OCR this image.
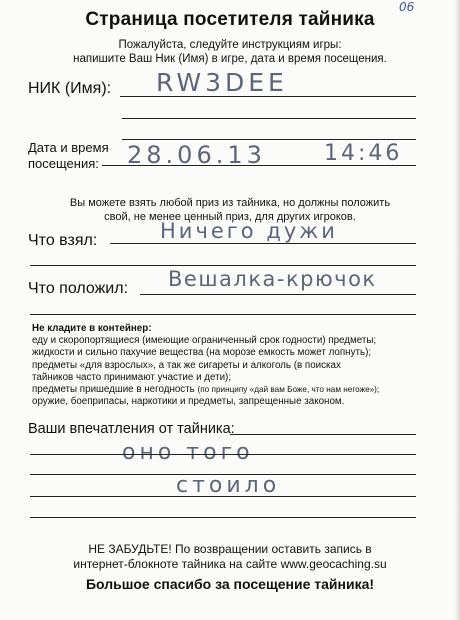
06
Страница посетителя тайника
Пожалуйста, следуйте инструкциям игры:
напишите Ваш Ник (Имя) в игре, дата и время посещения.
НИК (Имя): RW3DEE
Дата и время
посещения:	28.06.13	14:46
Вы можете взять любой приз из тайника, но должны положить
свой, не менее ценный приз, для других игроков.
Что взял:	Ничего дужи
Что положил: Вешалка-крючок
Не кладите в контейнер:
еду и скоропортящиеся (имеющие ограниченный срок годности) предметы;
жидкости и сильно пахучие вещества (на морозе емкость может лопнуть);
предметы «для взрослых», а так же сигареты и алкоголь (в поисках
тайников часто принимают участие и дети);
предметы пришедшие в негодность (по принципу «дай вам Боже, что нам негоже»);
оружие, боеприпасы, наркотики и предметы, запрещенные законом.
Ваши впечатления от тайника:
оно того
стоило
НЕ ЗАБУДЬТЕ! По возвращении оставить запись в
интернет-блокноте тайника на сайте www.geocaching.su
Большое спасибо за посещение тайника!
